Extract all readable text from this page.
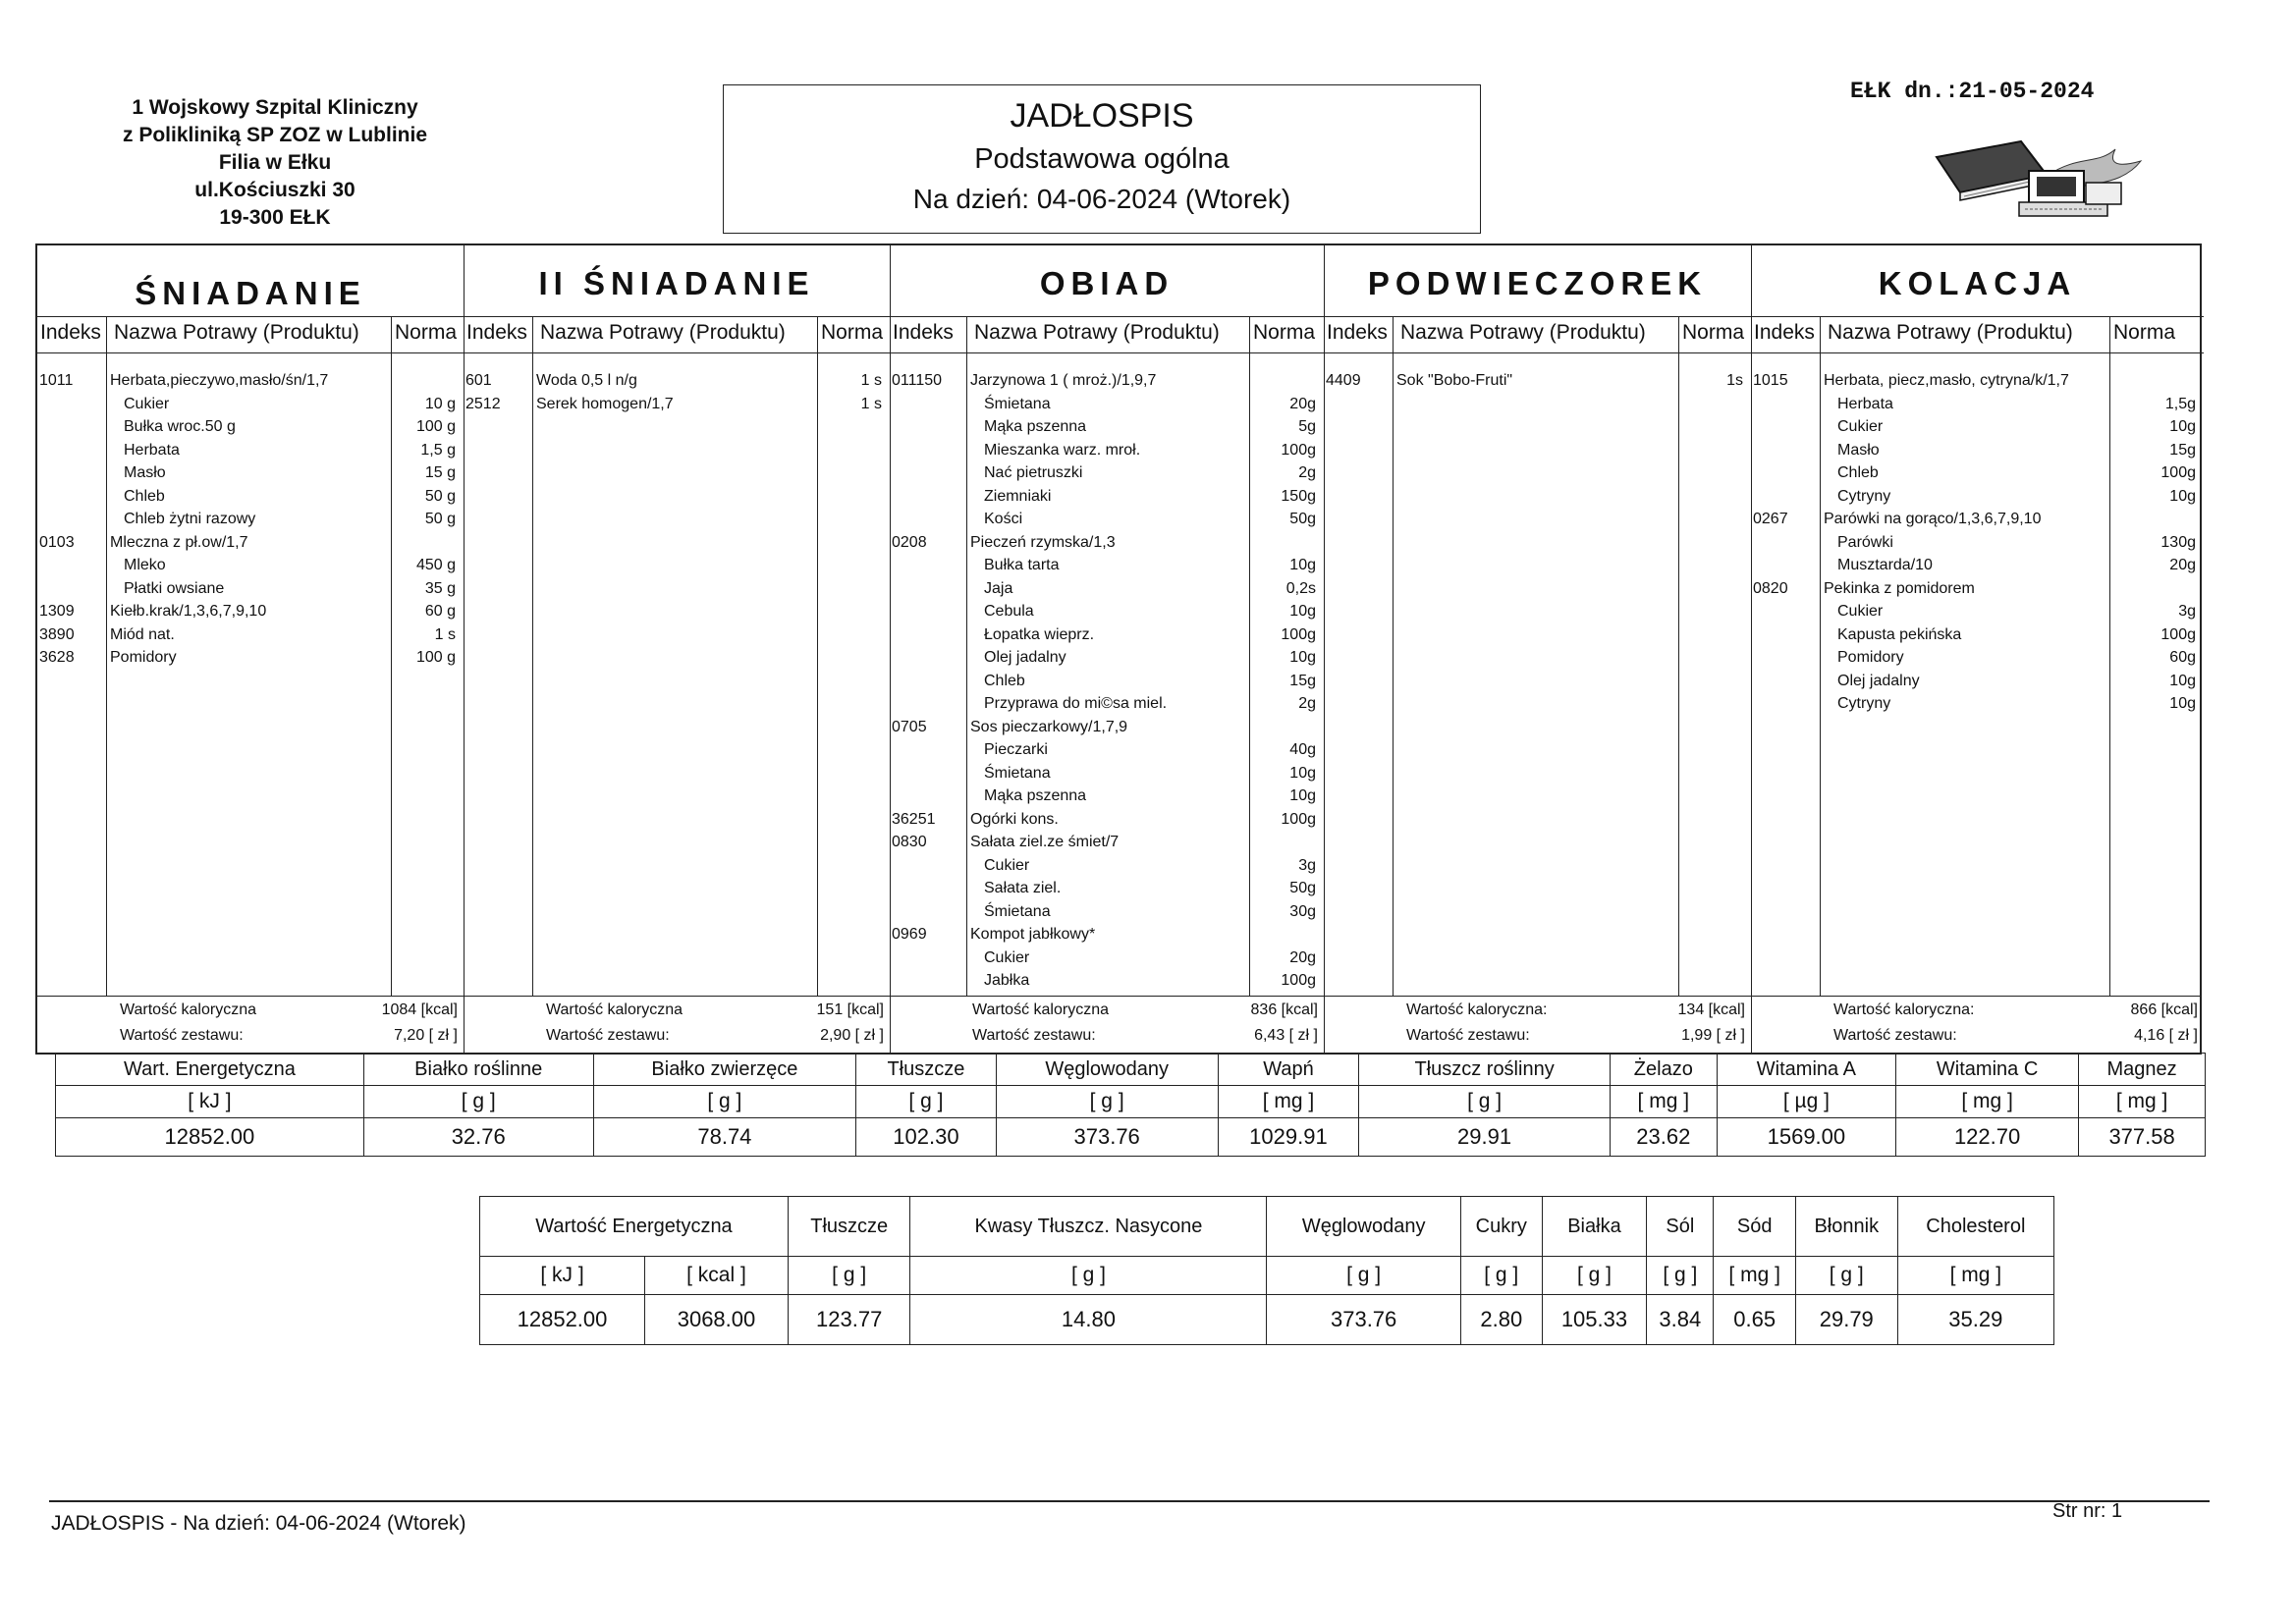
1 Wojskowy Szpital Kliniczny
z Polikliniką SP ZOZ w Lublinie
Filia w Ełku
ul.Kościuszki 30
19-300 EŁK
JADŁOSPIS
Podstawowa ogólna
Na dzień: 04-06-2024 (Wtorek)
EŁK dn.:21-05-2024
ŚNIADANIE
Indeks Nazwa Potrawy (Produktu) Norma
1011 Herbata,pieczywo,masło/śn/1,7
Cukier	10 g
Bułka wroc.50 g	100 g
Herbata	1,5 g
Masło	15 g
Chleb	50 g
Chleb żytni razowy	50 g
0103 Mleczna z pł.ow/1,7
Mleko	450 g
Płatki owsiane	35 g
1309 Kiełb.krak/1,3,6,7,9,10	60 g
3890 Miód nat.	1 s
3628 Pomidory	100 g
Wartość kaloryczna	1084 [kcal]
Wartość zestawu:	7,20 [ zł ]
II ŚNIADANIE
Indeks Nazwa Potrawy (Produktu) Norma
601	Woda 0,5 l n/g	1 s
2512 Serek homogen/1,7	1 s
Wartość kaloryczna	151 [kcal]
Wartość zestawu:	2,90 [ zł ]
OBIAD
Indeks Nazwa Potrawy (Produktu) Norma
011150 Jarzynowa 1 ( mroż.)/1,9,7
Śmietana	20g
Mąka pszenna	5g
Mieszanka warz. mroł.	100g
Nać pietruszki	2g
Ziemniaki	150g
Kości	50g
0208	Pieczeń rzymska/1,3
Bułka tarta	10g
Jaja	0,2s
Cebula	10g
Łopatka wieprz.	100g
Olej jadalny	10g
Chleb	15g
Przyprawa do mi©sa miel.	2g
0705	Sos pieczarkowy/1,7,9
Pieczarki	40g
Śmietana	10g
Mąka pszenna	10g
36251 Ogórki kons.	100g
0830	Sałata ziel.ze śmiet/7
Cukier	3g
Sałata ziel.	50g
Śmietana	30g
0969	Kompot jabłkowy*
Cukier	20g
Jabłka	100g
Wartość kaloryczna	836 [kcal]
Wartość zestawu:	6,43 [ zł ]
PODWIECZOREK
Indeks Nazwa Potrawy (Produktu) Norma
4409 Sok "Bobo-Fruti"	1s
Wartość kaloryczna:	134 [kcal]
Wartość zestawu:	1,99 [ zł ]
KOLACJA
Indeks Nazwa Potrawy (Produktu) Norma
1015 Herbata, piecz,masło, cytryna/k/1,7
Herbata	1,5g
Cukier	10g
Masło	15g
Chleb	100g
Cytryny	10g
0267 Parówki na gorąco/1,3,6,7,9,10
Parówki	130g
Musztarda/10	20g
0820 Pekinka z pomidorem
Cukier	3g
Kapusta pekińska	100g
Pomidory	60g
Olej jadalny	10g
Cytryny	10g
Wartość kaloryczna:	866 [kcal]
Wartość zestawu:	4,16 [ zł ]
Wart. Energetyczna	Białko roślinne	Białko zwierzęce	Tłuszcze	Węglowodany	Wapń	Tłuszcz roślinny	Żelazo	Witamina A	Witamina C	Magnez
[ kJ ]	[ g ]	[ g ]	[ g ]	[ g ]	[ mg ]	[ g ]	[ mg ]	[ µg ]	[ mg ]	[ mg ]
12852.00	32.76	78.74	102.30	373.76	1029.91	29.91	23.62	1569.00	122.70	377.58
Wartość Energetyczna		Tłuszcze	Kwasy Tłuszcz. Nasycone	Węglowodany	Cukry	Białka	Sól	Sód	Błonnik	Cholesterol
[ kJ ]	[ kcal ]	[ g ]	[ g ]	[ g ]	[ g ]	[ g ]	[ g ]	[ mg ]	[ g ]	[ mg ]
12852.00	3068.00	123.77	14.80	373.76	2.80	105.33	3.84	0.65	29.79	35.29
JADŁOSPIS - Na dzień: 04-06-2024 (Wtorek)
Str nr: 1
